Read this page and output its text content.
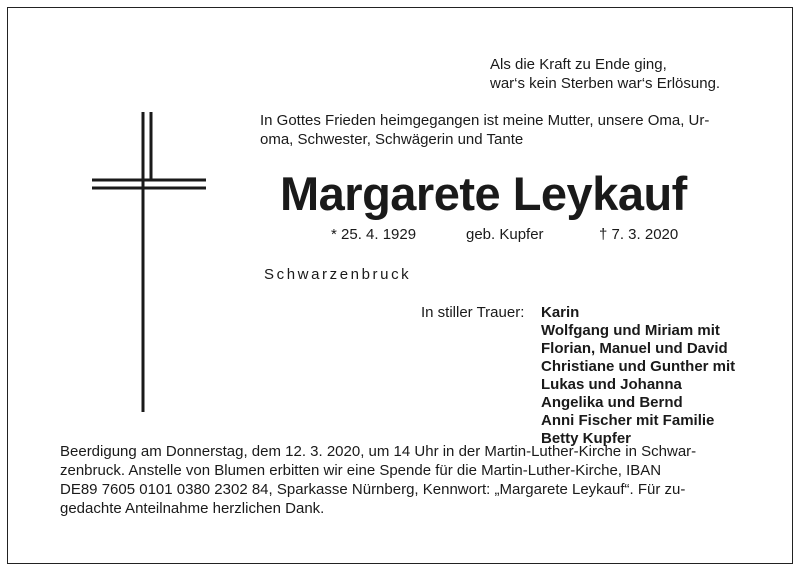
Als die Kraft zu Ende ging,
war‘s kein Sterben war‘s Erlösung.
In Gottes Frieden heimgegangen ist meine Mutter, unsere Oma, Ur-
oma, Schwester, Schwägerin und Tante
Margarete Leykauf
* 25. 4. 1929	geb. Kupfer	† 7. 3. 2020
Schwarzenbruck
In stiller Trauer: Karin
Wolfgang und Miriam mit
Florian, Manuel und David
Christiane und Gunther mit
Lukas und Johanna
Angelika und Bernd
Anni Fischer mit Familie
Betty Kupfer
Beerdigung am Donnerstag, dem 12. 3. 2020, um 14 Uhr in der Martin-Luther-Kirche in Schwar-
zenbruck. Anstelle von Blumen erbitten wir eine Spende für die Martin-Luther-Kirche, IBAN
DE89 7605 0101 0380 2302 84, Sparkasse Nürnberg, Kennwort: „Margarete Leykauf“. Für zu-
gedachte Anteilnahme herzlichen Dank.
